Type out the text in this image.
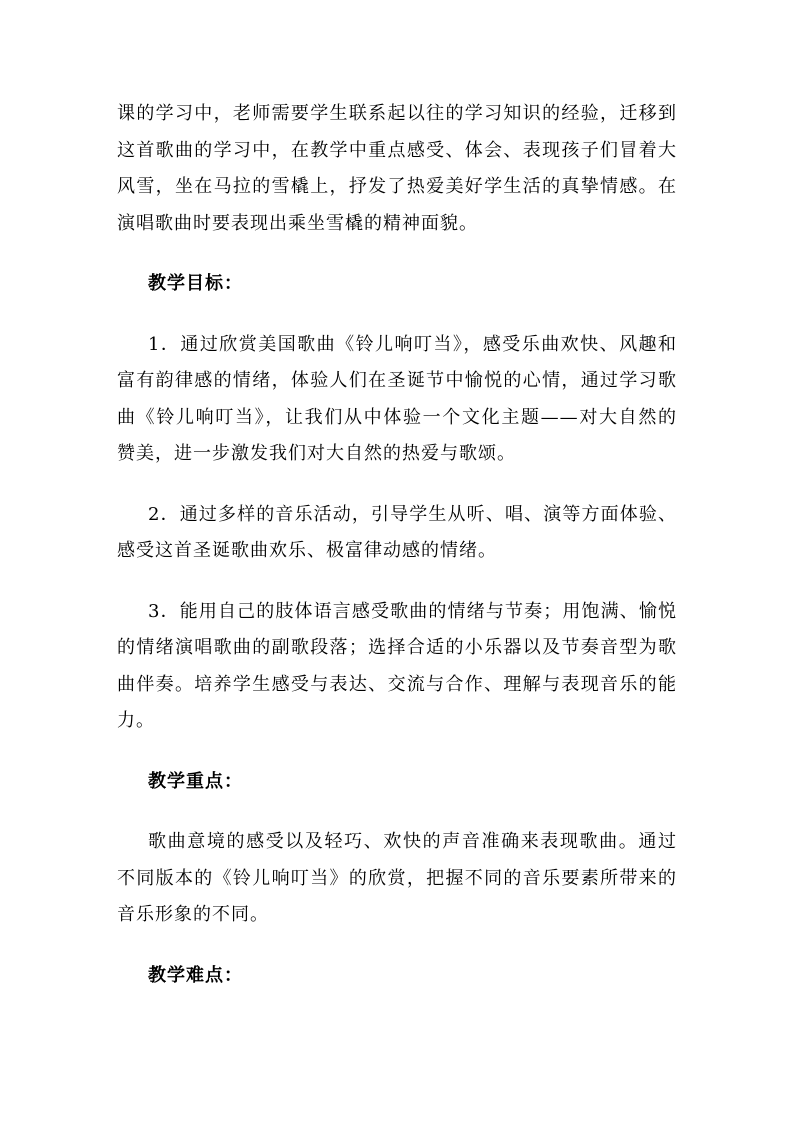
课的学习中，老师需要学生联系起以往的学习知识的经验，迁移到这首歌曲的学习中，在教学中重点感受、体会、表现孩子们冒着大风雪，坐在马拉的雪橇上，抒发了热爱美好学生活的真挚情感。在演唱歌曲时要表现出乘坐雪橇的精神面貌。

教学目标：

1．通过欣赏美国歌曲《铃儿响叮当》，感受乐曲欢快、风趣和富有韵律感的情绪，体验人们在圣诞节中愉悦的心情，通过学习歌曲《铃儿响叮当》，让我们从中体验一个文化主题——对大自然的赞美，进一步激发我们对大自然的热爱与歌颂。

2．通过多样的音乐活动，引导学生从听、唱、演等方面体验、感受这首圣诞歌曲欢乐、极富律动感的情绪。

3．能用自己的肢体语言感受歌曲的情绪与节奏；用饱满、愉悦的情绪演唱歌曲的副歌段落；选择合适的小乐器以及节奏音型为歌曲伴奏。培养学生感受与表达、交流与合作、理解与表现音乐的能力。

教学重点：

歌曲意境的感受以及轻巧、欢快的声音准确来表现歌曲。通过不同版本的《铃儿响叮当》的欣赏，把握不同的音乐要素所带来的音乐形象的不同。

教学难点：
